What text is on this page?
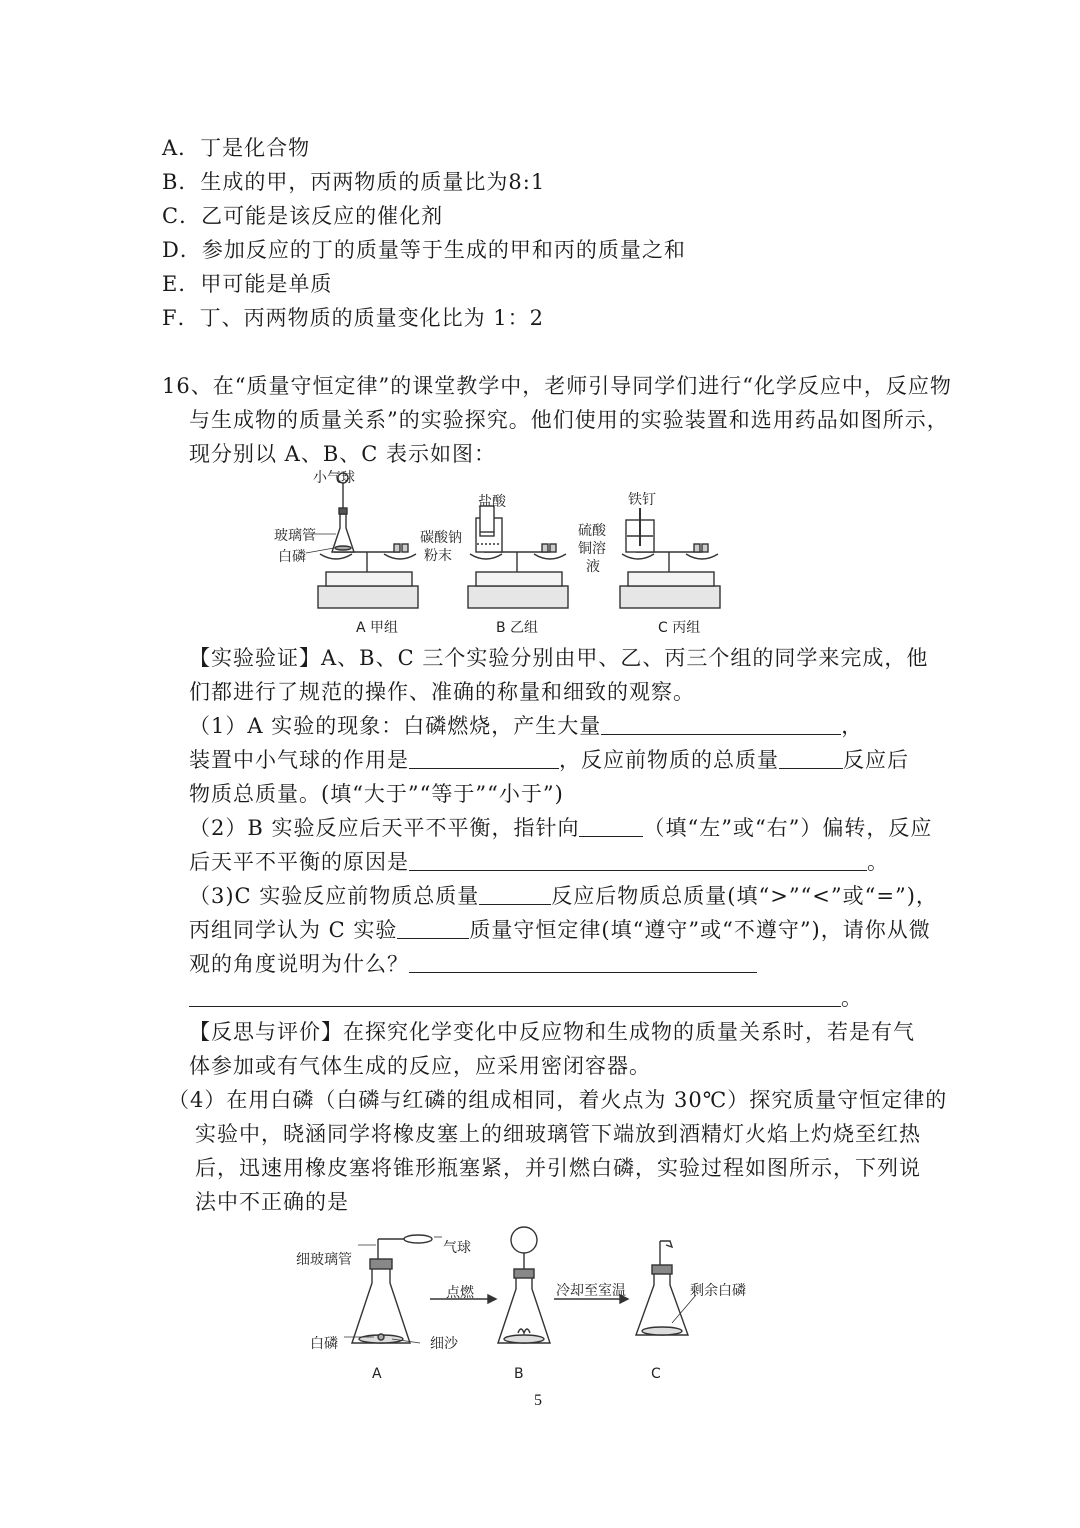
A．丁是化合物
B．生成的甲，丙两物质的质量比为8:1
C．乙可能是该反应的催化剂
D．参加反应的丁的质量等于生成的甲和丙的质量之和
E．甲可能是单质
F．丁、丙两物质的质量变化比为 1：2
16、在“质量守恒定律”的课堂教学中，老师引导同学们进行“化学反应中，反应物
与生成物的质量关系”的实验探究。他们使用的实验装置和选用药品如图所示，
现分别以 A、B、C 表示如图：
小气球
玻璃管
白磷
盐酸
碳酸钠
粉末
铁钉
硫酸
铜溶
液
A 甲组	B 乙组	C 丙组
【实验验证】A、B、C 三个实验分别由甲、乙、丙三个组的同学来完成，他
们都进行了规范的操作、准确的称量和细致的观察。
（1）A 实验的现象：白磷燃烧，产生大量	，
装置中小气球的作用是	，反应前物质的总质量	反应后
物质总质量。(填“大于”“等于”“小于”)
（2）B 实验反应后天平不平衡，指针向	（填“左”或“右”）偏转，反应
后天平不平衡的原因是	。
（3)C 实验反应前物质总质量	反应后物质总质量(填“>”“<”或“=”)，
丙组同学认为 C 实验	质量守恒定律(填“遵守”或“不遵守”)，请你从微
观的角度说明为什么？
。
【反思与评价】在探究化学变化中反应物和生成物的质量关系时，若是有气
体参加或有气体生成的反应，应采用密闭容器。
（4）在用白磷（白磷与红磷的组成相同，着火点为 30℃）探究质量守恒定律的
实验中，晓涵同学将橡皮塞上的细玻璃管下端放到酒精灯火焰上灼烧至红热
后，迅速用橡皮塞将锥形瓶塞紧，并引燃白磷，实验过程如图所示，下列说
法中不正确的是
细玻璃管
气球
白磷	细沙
点燃	冷却至室温	剩余白磷
A	B	C
5
